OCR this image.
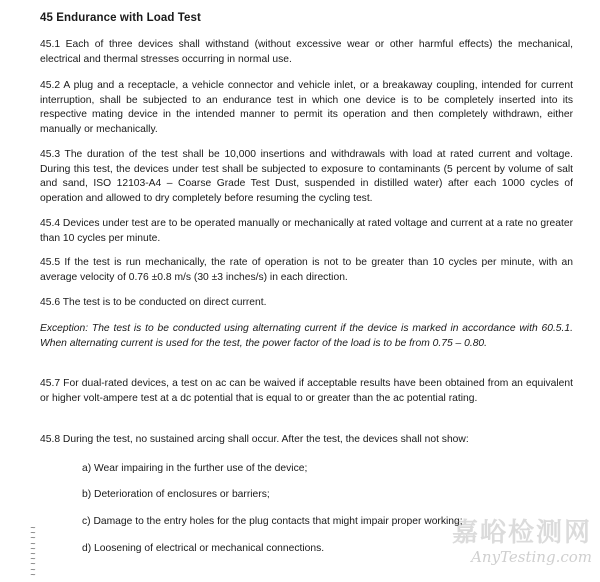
45 Endurance with Load Test
45.1 Each of three devices shall withstand (without excessive wear or other harmful effects) the mechanical, electrical and thermal stresses occurring in normal use.
45.2 A plug and a receptacle, a vehicle connector and vehicle inlet, or a breakaway coupling, intended for current interruption, shall be subjected to an endurance test in which one device is to be completely inserted into its respective mating device in the intended manner to permit its operation and then completely withdrawn, either manually or mechanically.
45.3 The duration of the test shall be 10,000 insertions and withdrawals with load at rated current and voltage. During this test, the devices under test shall be subjected to exposure to contaminants (5 percent by volume of salt and sand, ISO 12103-A4 – Coarse Grade Test Dust, suspended in distilled water) after each 1000 cycles of operation and allowed to dry completely before resuming the cycling test.
45.4 Devices under test are to be operated manually or mechanically at rated voltage and current at a rate no greater than 10 cycles per minute.
45.5 If the test is run mechanically, the rate of operation is not to be greater than 10 cycles per minute, with an average velocity of 0.76 ±0.8 m/s (30 ±3 inches/s) in each direction.
45.6 The test is to be conducted on direct current.
Exception: The test is to be conducted using alternating current if the device is marked in accordance with 60.5.1. When alternating current is used for the test, the power factor of the load is to be from 0.75 – 0.80.
45.7 For dual-rated devices, a test on ac can be waived if acceptable results have been obtained from an equivalent or higher volt-ampere test at a dc potential that is equal to or greater than the ac potential rating.
45.8 During the test, no sustained arcing shall occur. After the test, the devices shall not show:
a) Wear impairing in the further use of the device;
b) Deterioration of enclosures or barriers;
c) Damage to the entry holes for the plug contacts that might impair proper working;
d) Loosening of electrical or mechanical connections.
~
~
~
~
~
~
~
~
~
~
嘉峪检测网
AnyTesting.com
